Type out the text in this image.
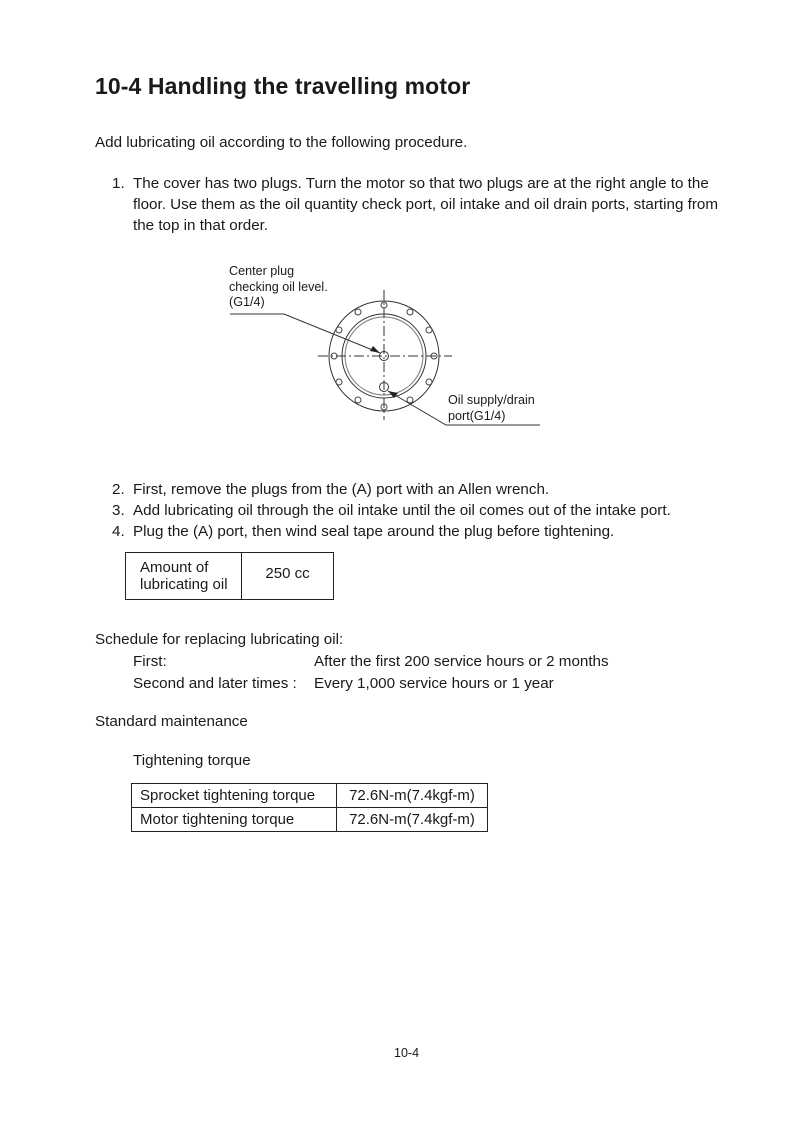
10-4 Handling the travelling motor
Add lubricating oil according to the following procedure.
1. The cover has two plugs. Turn the motor so that two plugs are at the right angle to the floor. Use them as the oil quantity check port, oil intake and oil drain ports, starting from the top in that order.
Center plug
checking oil level.
(G1/4)
Oil supply/drain
port(G1/4)
2. First, remove the plugs from the (A) port with an Allen wrench.
3. Add lubricating oil through the oil intake until the oil comes out of the intake port.
4. Plug the (A) port, then wind seal tape around the plug before tightening.
Amount of
lubricating oil
	250 cc
Schedule for replacing lubricating oil:
First:	After the first 200 service hours or 2 months
Second and later times : Every 1,000 service hours or 1 year
Standard maintenance
Tightening torque
Sprocket tightening torque	72.6N-m(7.4kgf-m)
Motor tightening torque	72.6N-m(7.4kgf-m)
10-4
